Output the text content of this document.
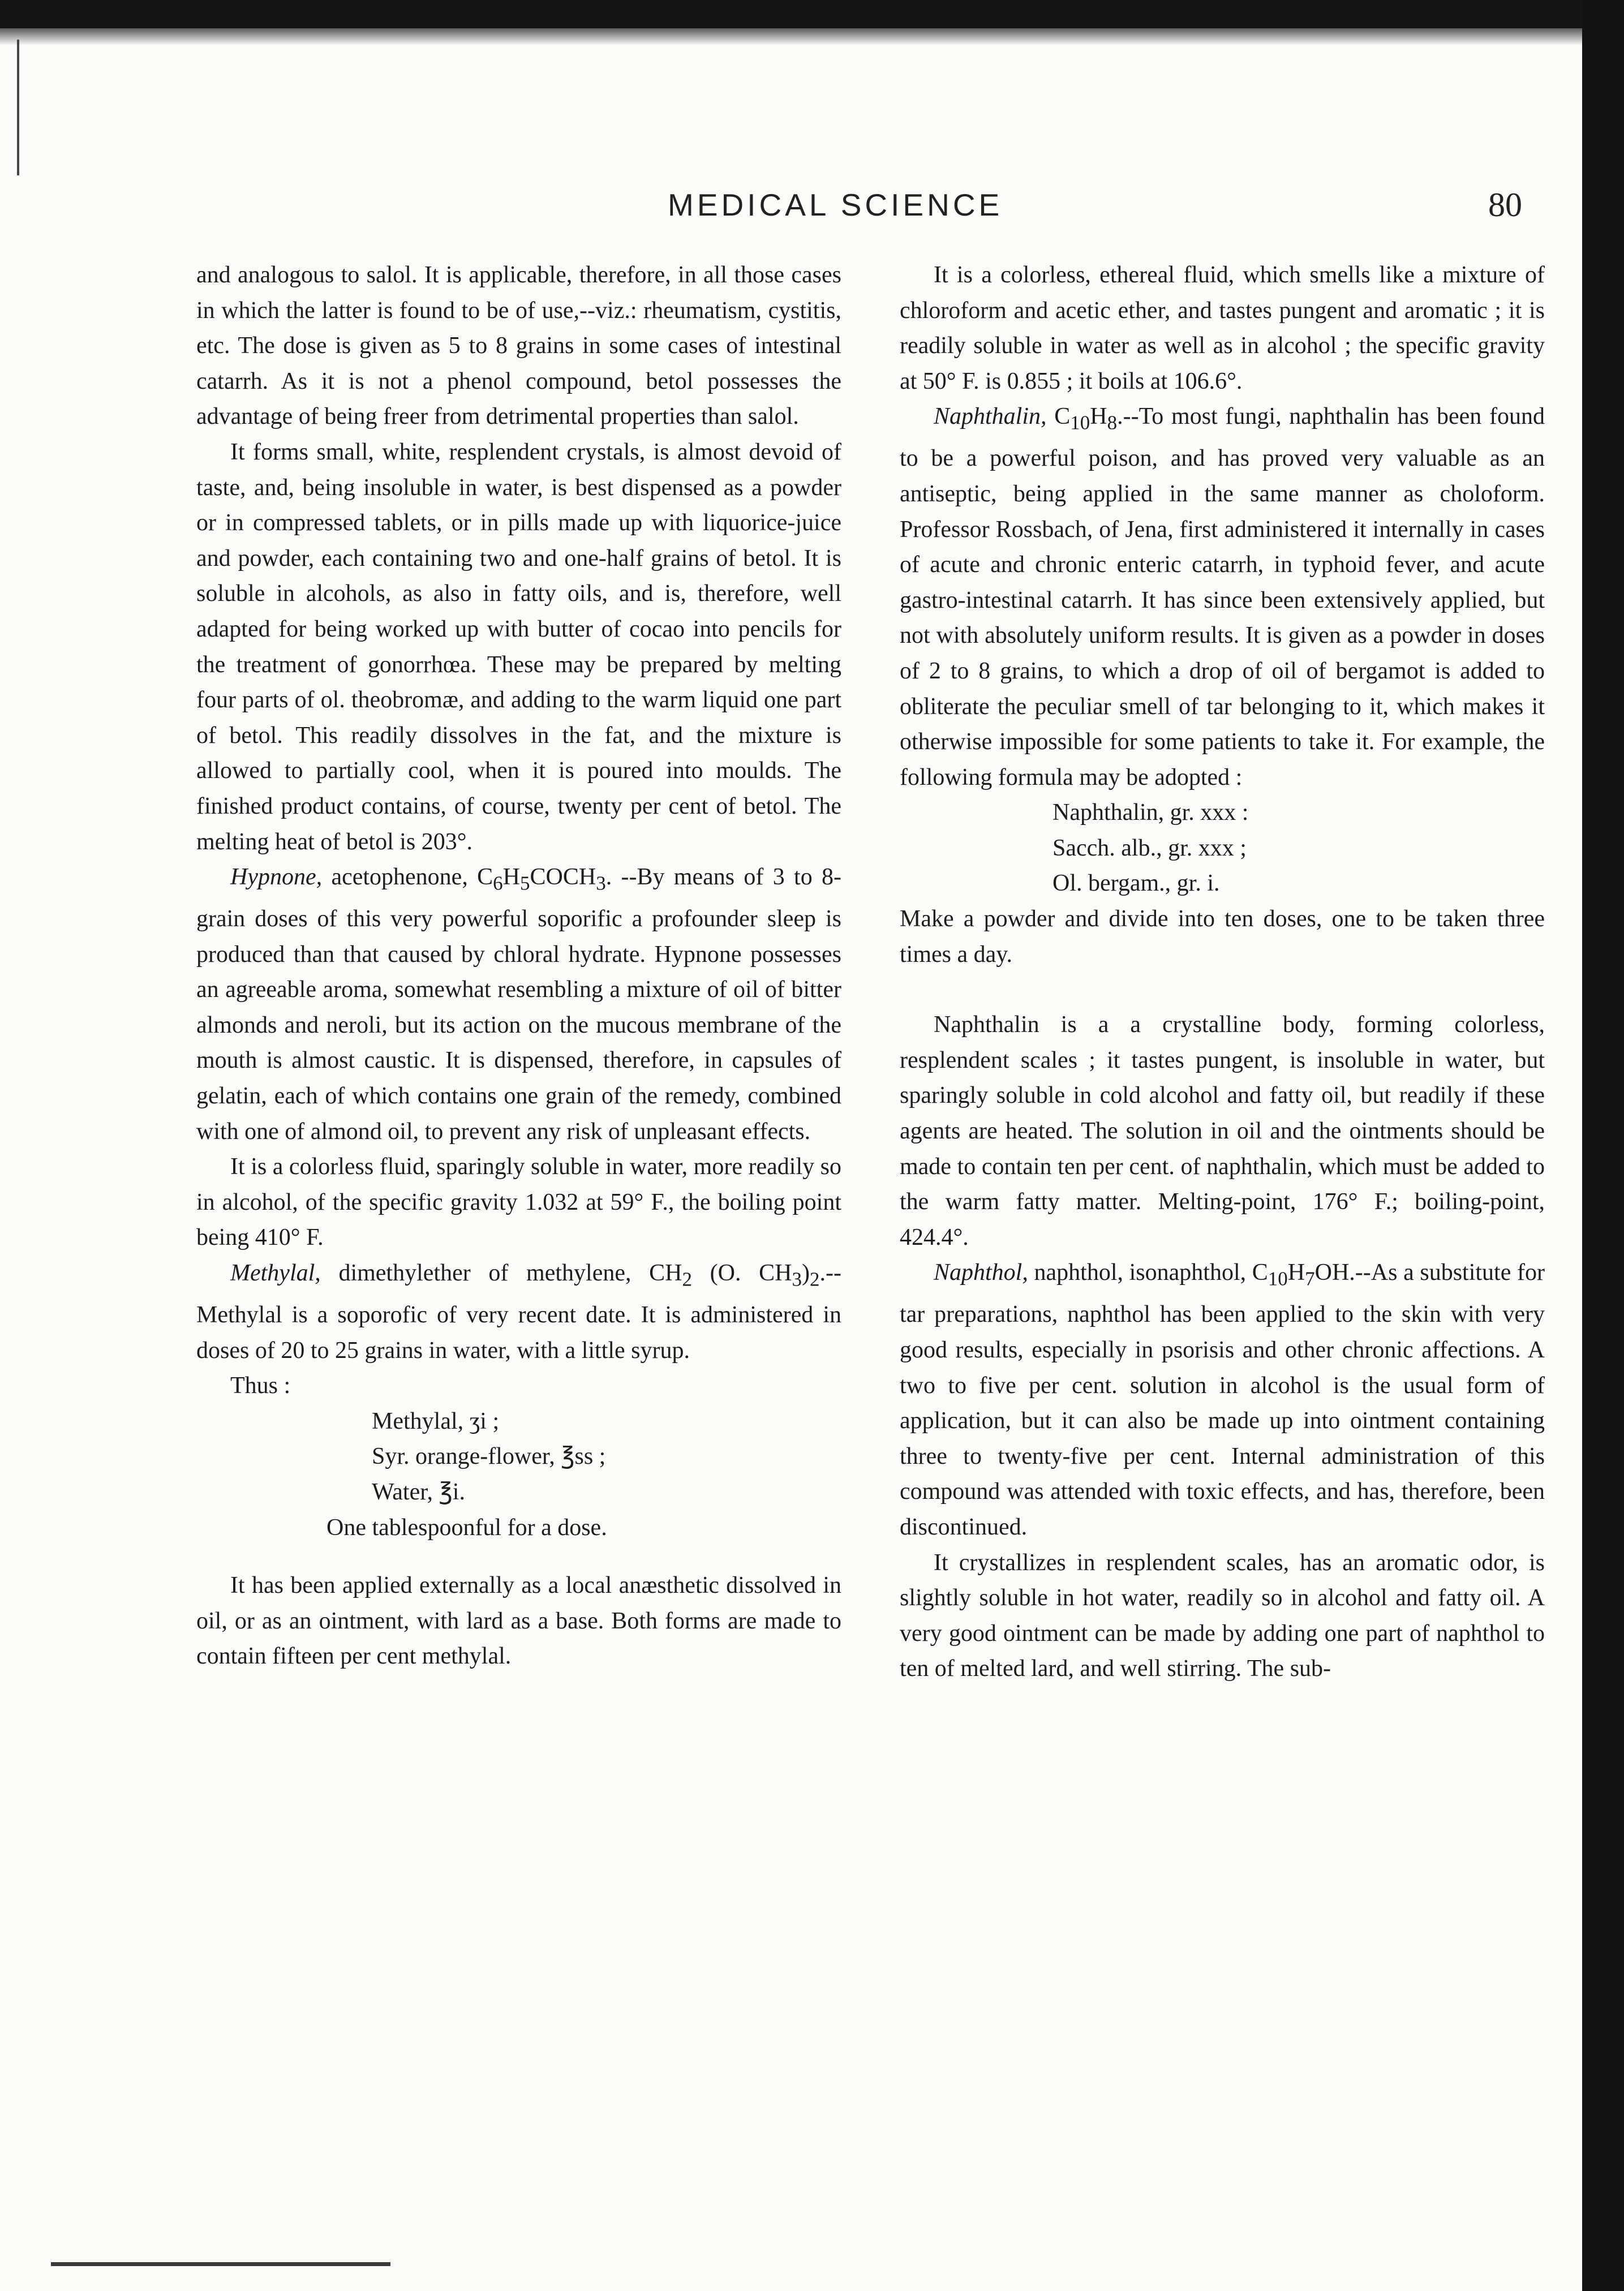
MEDICAL SCIENCE	80

and analogous to salol. It is applicable, therefore, in all those cases in which the latter is found to be of use,--viz.: rheumatism, cystitis, etc. The dose is given as 5 to 8 grains in some cases of intestinal catarrh. As it is not a phenol compound, betol possesses the advantage of being freer from detrimental properties than salol.

It forms small, white, resplendent crystals, is almost devoid of taste, and, being insoluble in water, is best dispensed as a powder or in compressed tablets, or in pills made up with liquorice-juice and powder, each containing two and one-half grains of betol. It is soluble in alcohols, as also in fatty oils, and is, therefore, well adapted for being worked up with butter of cocao into pencils for the treatment of gonorrhœa. These may be prepared by melting four parts of ol. theobromæ, and adding to the warm liquid one part of betol. This readily dissolves in the fat, and the mixture is allowed to partially cool, when it is poured into moulds. The finished product contains, of course, twenty per cent of betol. The melting heat of betol is 203°.

Hypnone, acetophenone, $C_6H_5COCH_3$. --By means of 3 to 8-grain doses of this very powerful soporific a profounder sleep is produced than that caused by chloral hydrate. Hypnone possesses an agreeable aroma, somewhat resembling a mixture of oil of bitter almonds and neroli, but its action on the mucous membrane of the mouth is almost caustic. It is dispensed, therefore, in capsules of gelatin, each of which contains one grain of the remedy, combined with one of almond oil, to prevent any risk of unpleasant effects.

It is a colorless fluid, sparingly soluble in water, more readily so in alcohol, of the specific gravity 1.032 at 59° F., the boiling point being 410° F.

Methylal, dimethylether of methylene, $CH_2$ (O. $CH_3)_2.-$-Methylal is a soporofic of very recent date. It is administered in doses of 20 to 25 grains in water, with a little syrup.

Thus :

Methylal, ʒi ;
Syr. orange-flower, ℥ss ;
Water, ℥i.
One tablespoonful for a dose.

It has been applied externally as a local anæsthetic dissolved in oil, or as an ointment, with lard as a base. Both forms are made to contain fifteen per cent methylal.

It is a colorless, ethereal fluid, which smells like a mixture of chloroform and acetic ether, and tastes pungent and aromatic ; it is readily soluble in water as well as in alcohol ; the specific gravity at 50° F. is 0.855 ; it boils at 106.6°.

Naphthalin, $C_{10}H_8.--To$ most fungi, naphthalin has been found to be a powerful poison, and has proved very valuable as an antiseptic, being applied in the same manner as choloform. Professor Rossbach, of Jena, first administered it internally in cases of acute and chronic enteric catarrh, in typhoid fever, and acute gastro-intestinal catarrh. It has since been extensively applied, but not with absolutely uniform results. It is given as a powder in doses of 2 to 8 grains, to which a drop of oil of bergamot is added to obliterate the peculiar smell of tar belonging to it, which makes it otherwise impossible for some patients to take it. For example, the following formula may be adopted :

Naphthalin, gr. xxx :
Sacch. alb., gr. xxx ;
Ol. bergam., gr. i.

Make a powder and divide into ten doses, one to be taken three times a day.

Naphthalin is a a crystalline body, forming colorless, resplendent scales ; it tastes pungent, is insoluble in water, but sparingly soluble in cold alcohol and fatty oil, but readily if these agents are heated. The solution in oil and the ointments should be made to contain ten per cent. of naphthalin, which must be added to the warm fatty matter. Melting-point, 176° F.; boiling-point, 424.4°.

Naphthol, naphthol, isonaphthol, $C_{10}H_7OH.--As$ a substitute for tar preparations, naphthol has been applied to the skin with very good results, especially in psorisis and other chronic affections. A two to five per cent. solution in alcohol is the usual form of application, but it can also be made up into ointment containing three to twenty-five per cent. Internal administration of this compound was attended with toxic effects, and has, therefore, been discontinued.

It crystallizes in resplendent scales, has an aromatic odor, is slightly soluble in hot water, readily so in alcohol and fatty oil. A very good ointment can be made by adding one part of naphthol to ten of melted lard, and well stirring. The sub-
